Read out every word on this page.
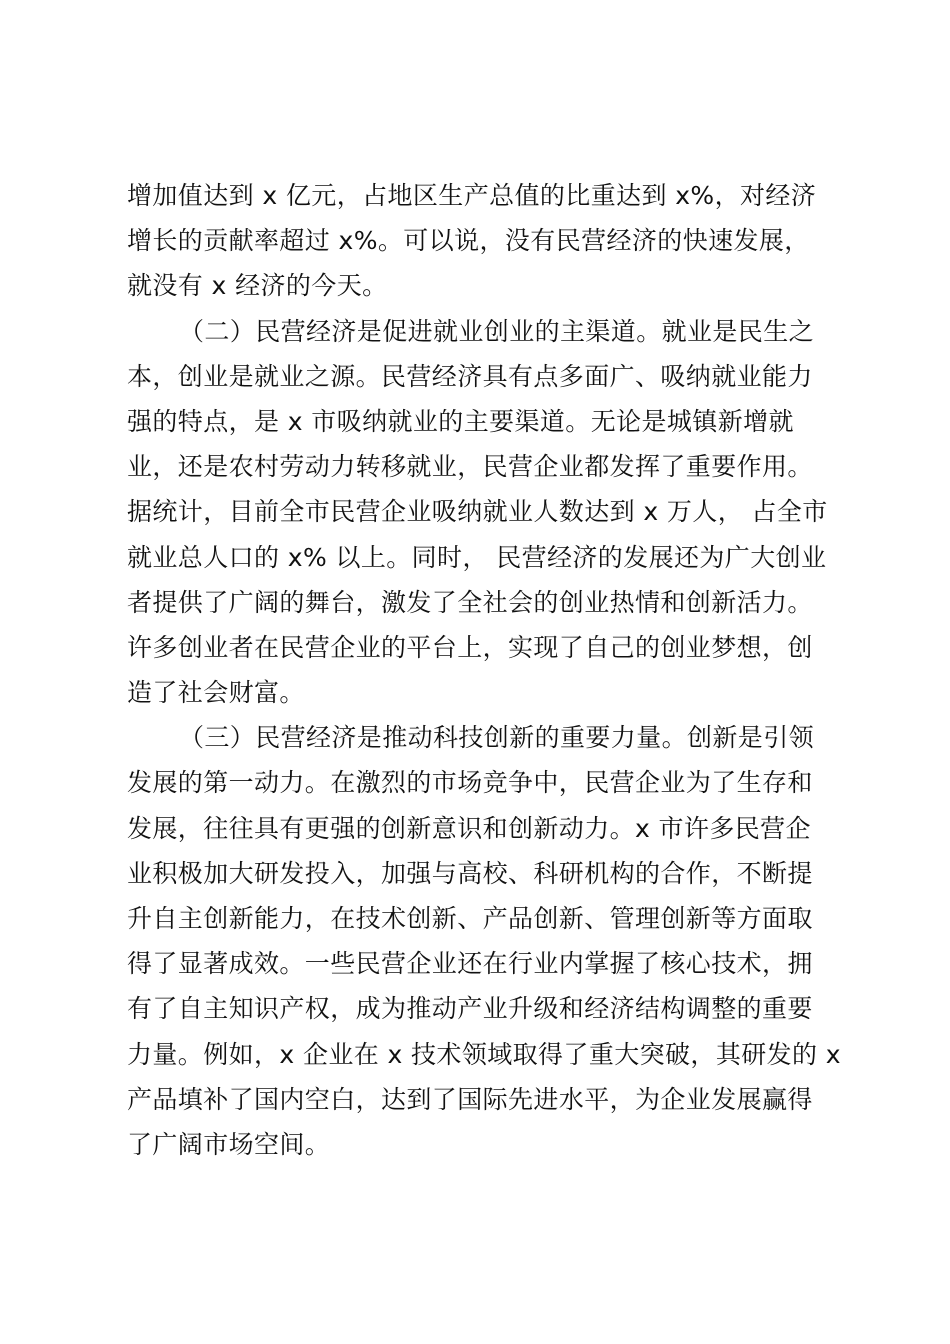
增加值达到 x 亿元，占地区生产总值的比重达到 x%，对经济
增长的贡献率超过 x%。可以说，没有民营经济的快速发展，
就没有 x 经济的今天。
（二）民营经济是促进就业创业的主渠道。就业是民生之
本，创业是就业之源。民营经济具有点多面广、吸纳就业能力
强的特点，是 x 市吸纳就业的主要渠道。无论是城镇新增就
业，还是农村劳动力转移就业，民营企业都发挥了重要作用。
据统计，目前全市民营企业吸纳就业人数达到 x 万人， 占全市
就业总人口的 x% 以上。同时， 民营经济的发展还为广大创业
者提供了广阔的舞台，激发了全社会的创业热情和创新活力。
许多创业者在民营企业的平台上，实现了自己的创业梦想，创
造了社会财富。
（三）民营经济是推动科技创新的重要力量。创新是引领
发展的第一动力。在激烈的市场竞争中，民营企业为了生存和
发展，往往具有更强的创新意识和创新动力。x 市许多民营企
业积极加大研发投入，加强与高校、科研机构的合作，不断提
升自主创新能力，在技术创新、产品创新、管理创新等方面取
得了显著成效。一些民营企业还在行业内掌握了核心技术，拥
有了自主知识产权，成为推动产业升级和经济结构调整的重要
力量。例如，x 企业在 x 技术领域取得了重大突破，其研发的 x
产品填补了国内空白，达到了国际先进水平，为企业发展赢得
了广阔市场空间。
